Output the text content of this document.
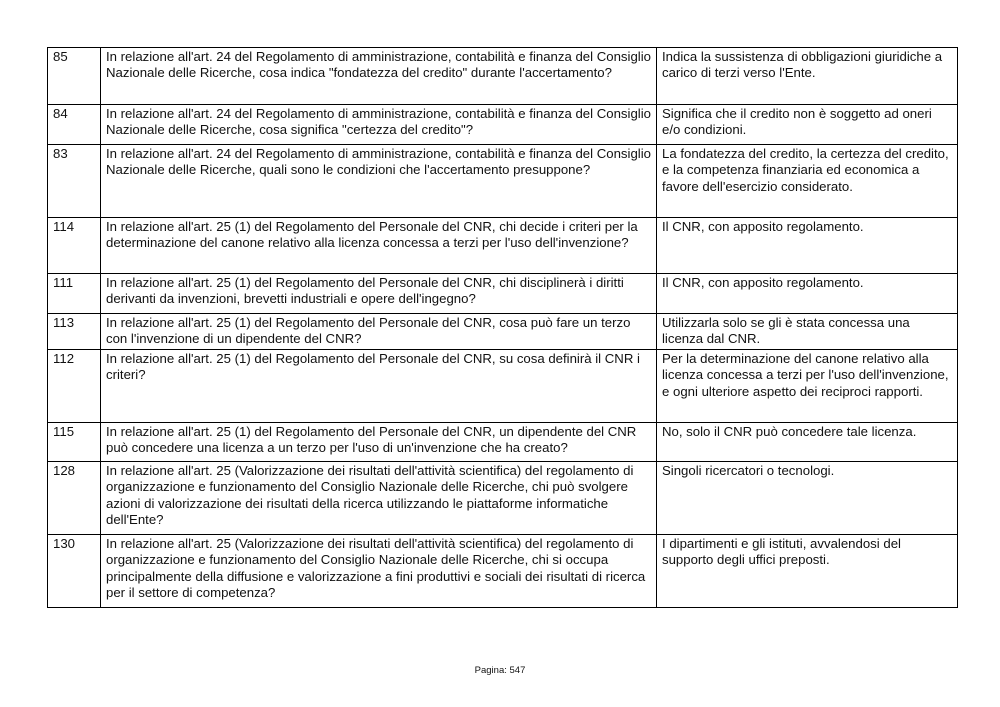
85	In relazione all'art. 24 del Regolamento di amministrazione, contabilità e finanza del Consiglio Nazionale delle Ricerche, cosa indica "fondatezza del credito" durante l'accertamento?	Indica la sussistenza di obbligazioni giuridiche a carico di terzi verso l'Ente.
84	In relazione all'art. 24 del Regolamento di amministrazione, contabilità e finanza del Consiglio Nazionale delle Ricerche, cosa significa "certezza del credito"?	Significa che il credito non è soggetto ad oneri e/o condizioni.
83	In relazione all'art. 24 del Regolamento di amministrazione, contabilità e finanza del Consiglio Nazionale delle Ricerche, quali sono le condizioni che l'accertamento presuppone?	La fondatezza del credito, la certezza del credito, e la competenza finanziaria ed economica a favore dell'esercizio considerato.
114	In relazione all'art. 25 (1) del Regolamento del Personale del CNR, chi decide i criteri per la determinazione del canone relativo alla licenza concessa a terzi per l'uso dell'invenzione?	Il CNR, con apposito regolamento.
111	In relazione all'art. 25 (1) del Regolamento del Personale del CNR, chi disciplinerà i diritti derivanti da invenzioni, brevetti industriali e opere dell'ingegno?	Il CNR, con apposito regolamento.
113	In relazione all'art. 25 (1) del Regolamento del Personale del CNR, cosa può fare un terzo con l'invenzione di un dipendente del CNR?	Utilizzarla solo se gli è stata concessa una licenza dal CNR.
112	In relazione all'art. 25 (1) del Regolamento del Personale del CNR, su cosa definirà il CNR i criteri?	Per la determinazione del canone relativo alla licenza concessa a terzi per l'uso dell'invenzione, e ogni ulteriore aspetto dei reciproci rapporti.
115	In relazione all'art. 25 (1) del Regolamento del Personale del CNR, un dipendente del CNR può concedere una licenza a un terzo per l'uso di un'invenzione che ha creato?	No, solo il CNR può concedere tale licenza.
128	In relazione all'art. 25 (Valorizzazione dei risultati dell'attività scientifica) del regolamento di organizzazione e funzionamento del Consiglio Nazionale delle Ricerche, chi può svolgere azioni di valorizzazione dei risultati della ricerca utilizzando le piattaforme informatiche dell'Ente?	Singoli ricercatori o tecnologi.
130	In relazione all'art. 25 (Valorizzazione dei risultati dell'attività scientifica) del regolamento di organizzazione e funzionamento del Consiglio Nazionale delle Ricerche, chi si occupa principalmente della diffusione e valorizzazione a fini produttivi e sociali dei risultati di ricerca per il settore di competenza?	I dipartimenti e gli istituti, avvalendosi del supporto degli uffici preposti.
Pagina: 547
